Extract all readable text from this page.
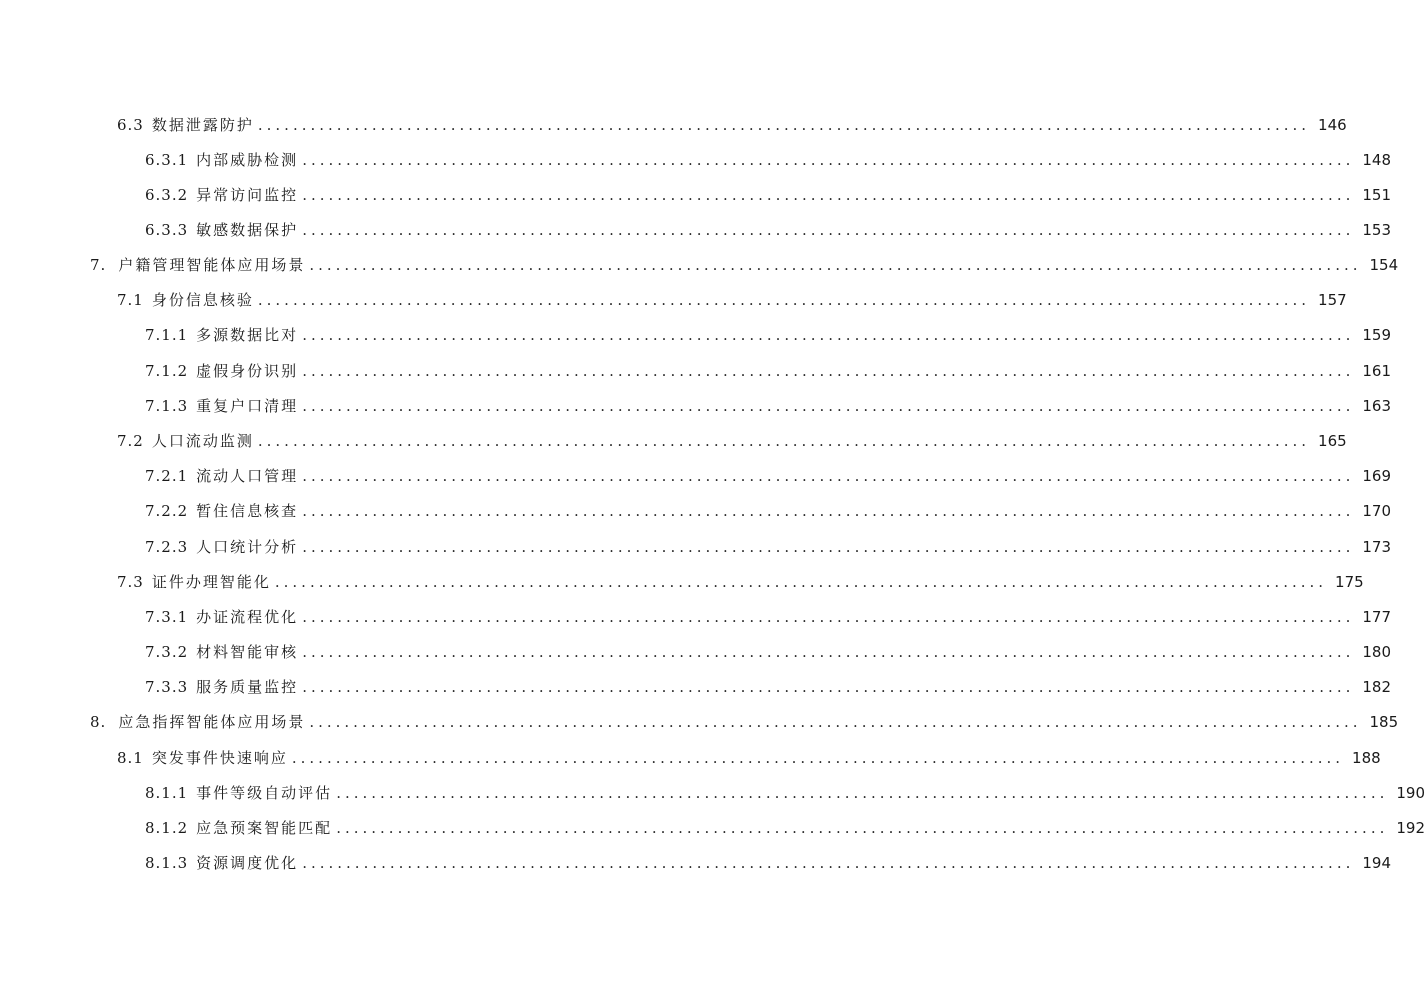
6.3 数据泄露防护 ........................................................................................................................ 146
6.3.1 内部威胁检测 ........................................................................................................................ 148
6.3.2 异常访问监控 ........................................................................................................................ 151
6.3.3 敏感数据保护 ........................................................................................................................ 153
7. 户籍管理智能体应用场景 ........................................................................................................................ 154
7.1 身份信息核验 ........................................................................................................................ 157
7.1.1 多源数据比对 ........................................................................................................................ 159
7.1.2 虚假身份识别 ........................................................................................................................ 161
7.1.3 重复户口清理 ........................................................................................................................ 163
7.2 人口流动监测 ........................................................................................................................ 165
7.2.1 流动人口管理 ........................................................................................................................ 169
7.2.2 暂住信息核查 ........................................................................................................................ 170
7.2.3 人口统计分析 ........................................................................................................................ 173
7.3 证件办理智能化 ........................................................................................................................ 175
7.3.1 办证流程优化 ........................................................................................................................ 177
7.3.2 材料智能审核 ........................................................................................................................ 180
7.3.3 服务质量监控 ........................................................................................................................ 182
8. 应急指挥智能体应用场景 ........................................................................................................................ 185
8.1 突发事件快速响应 ........................................................................................................................ 188
8.1.1 事件等级自动评估 ........................................................................................................................ 190
8.1.2 应急预案智能匹配 ........................................................................................................................ 192
8.1.3 资源调度优化 ........................................................................................................................ 194
